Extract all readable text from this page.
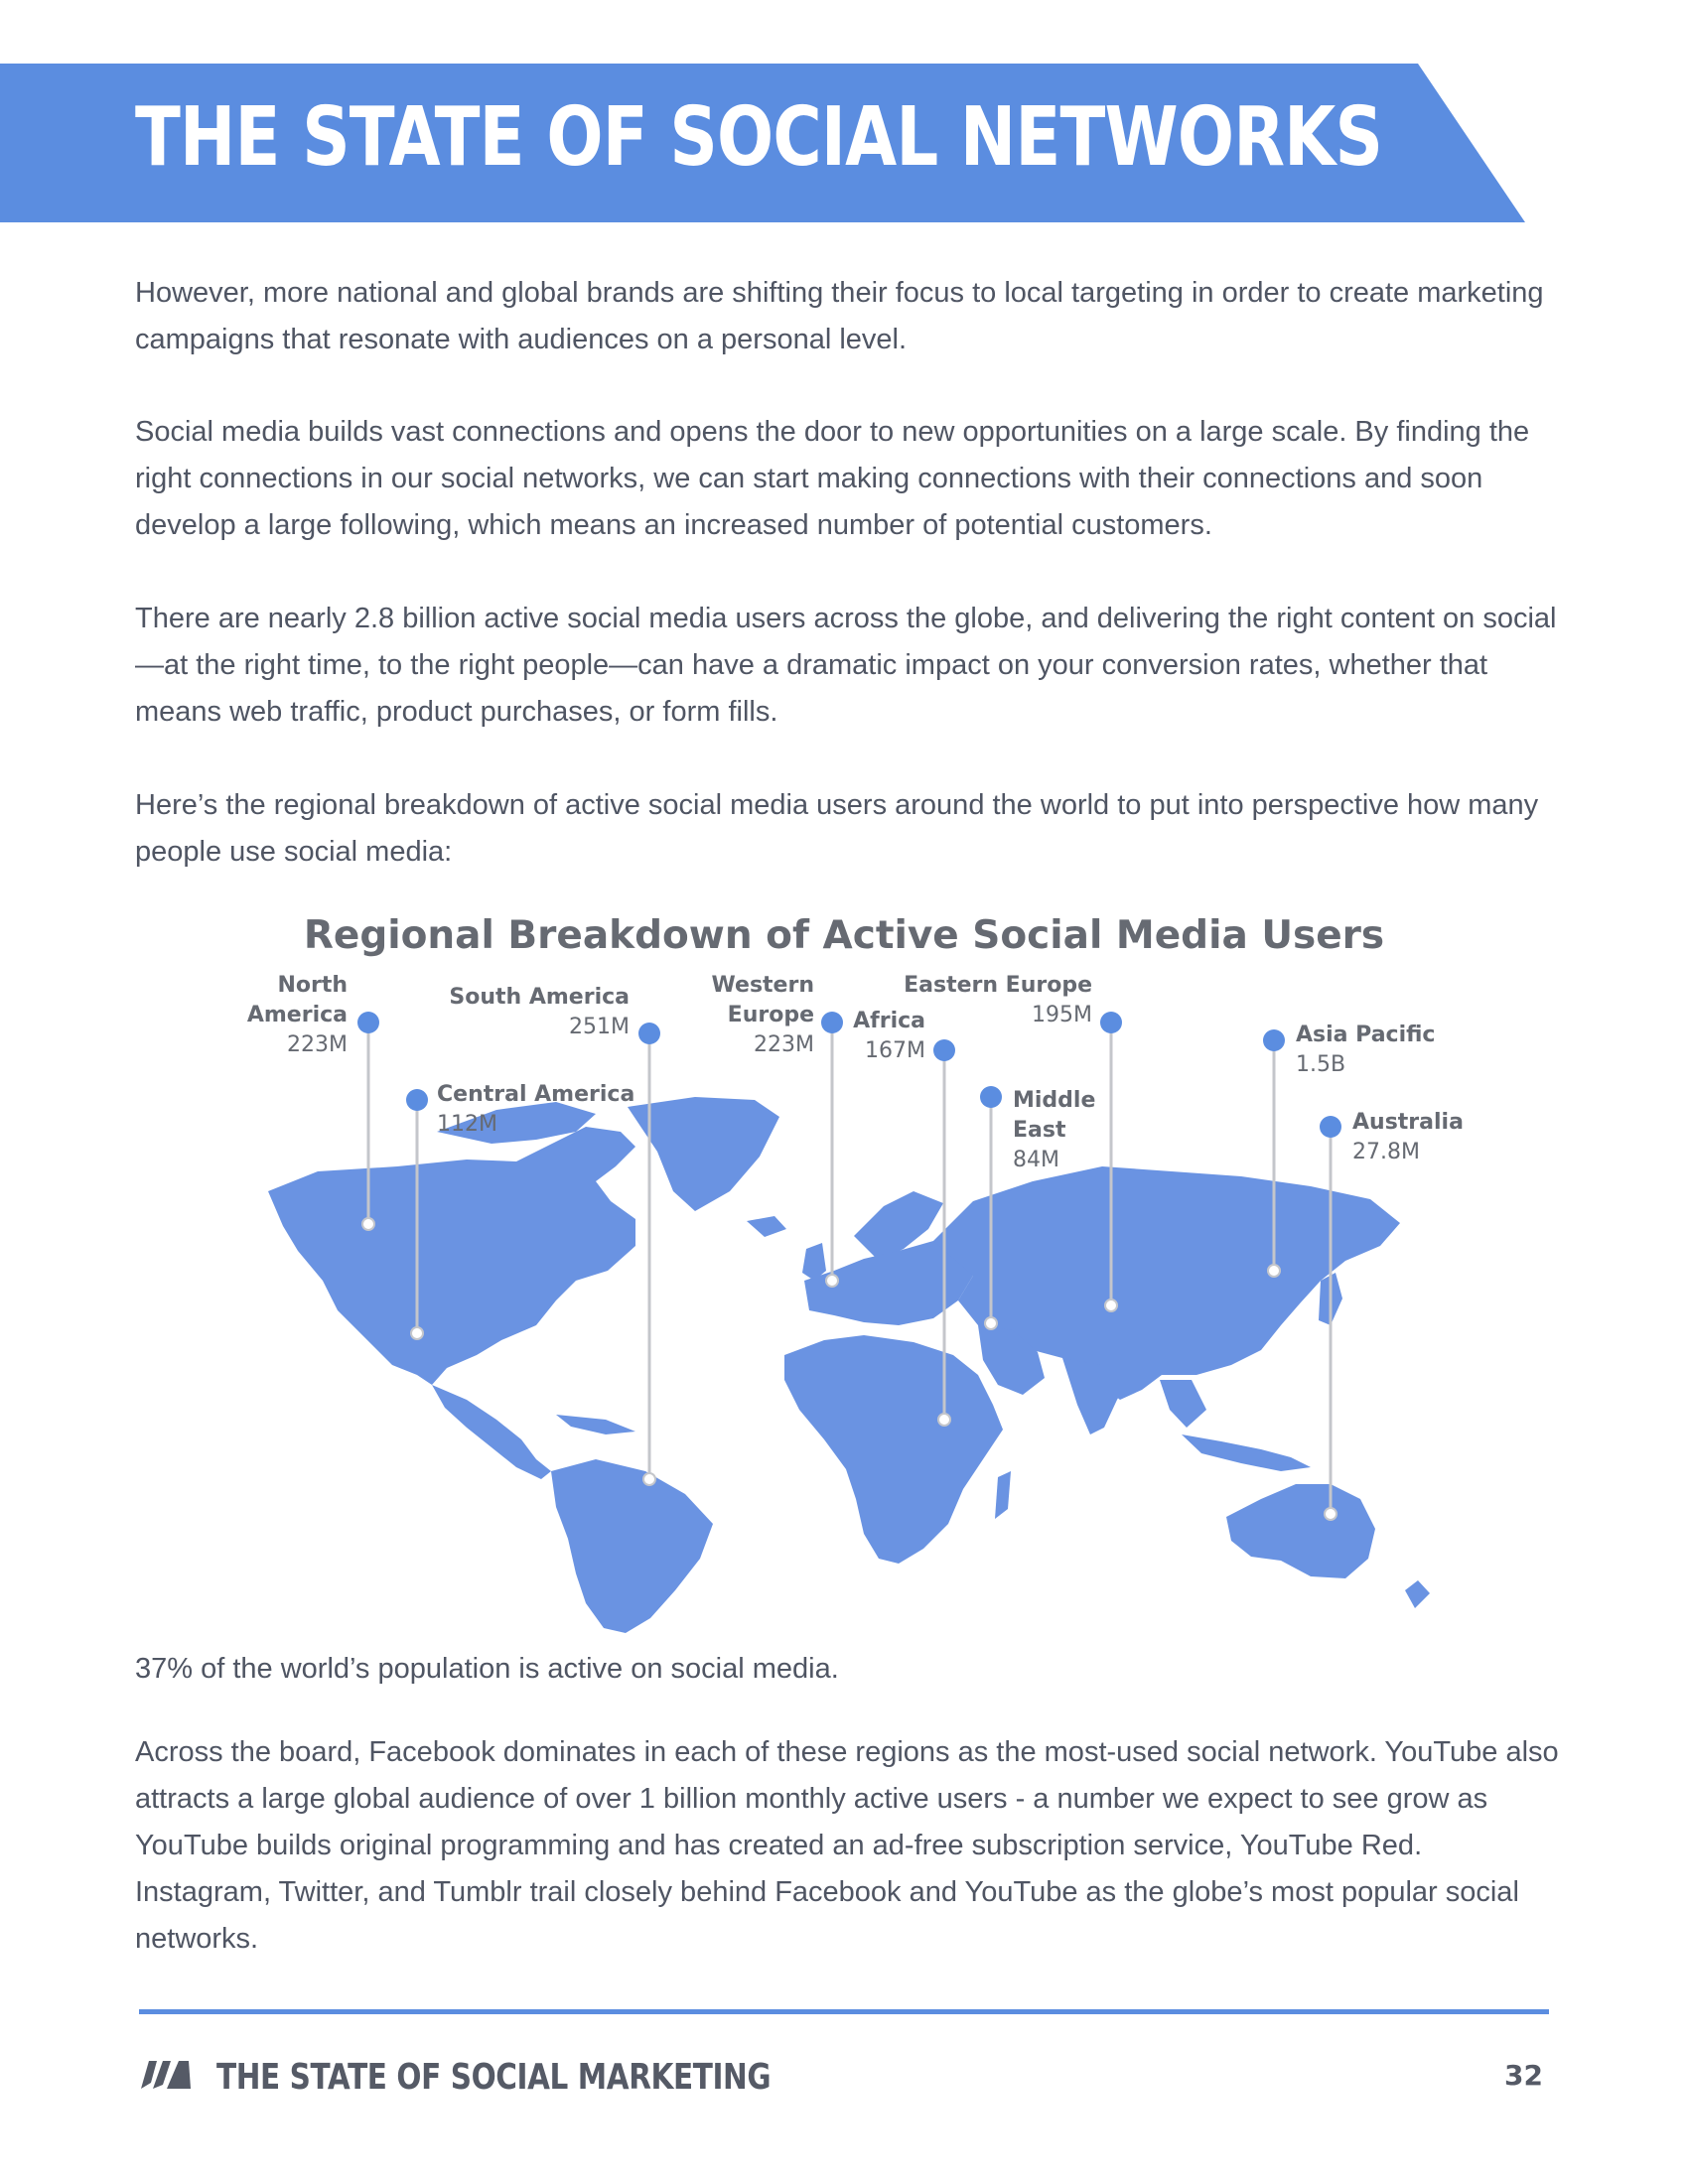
THE STATE OF SOCIAL NETWORKS

However, more national and global brands are shifting their focus to local targeting in order to create marketing campaigns that resonate with audiences on a personal level.

Social media builds vast connections and opens the door to new opportunities on a large scale. By finding the right connections in our social networks, we can start making connections with their connections and soon develop a large following, which means an increased number of potential customers.

There are nearly 2.8 billion active social media users across the globe, and delivering the right content on social—at the right time, to the right people—can have a dramatic impact on your conversion rates, whether that means web traffic, product purchases, or form fills.

Here’s the regional breakdown of active social media users around the world to put into perspective how many people use social media:

Regional Breakdown of Active Social Media Users
North
America
223M
Central America
112M
South America
251M
Western
Europe
223M
Africa
167M
Eastern Europe
195M
Middle
East
84M
Asia Pacific
1.5B
Australia
27.8M

37% of the world’s population is active on social media.

Across the board, Facebook dominates in each of these regions as the most-used social network. YouTube also attracts a large global audience of over 1 billion monthly active users - a number we expect to see grow as YouTube builds original programming and has created an ad-free subscription service, YouTube Red. Instagram, Twitter, and Tumblr trail closely behind Facebook and YouTube as the globe’s most popular social networks.

THE STATE OF SOCIAL MARKETING	32
